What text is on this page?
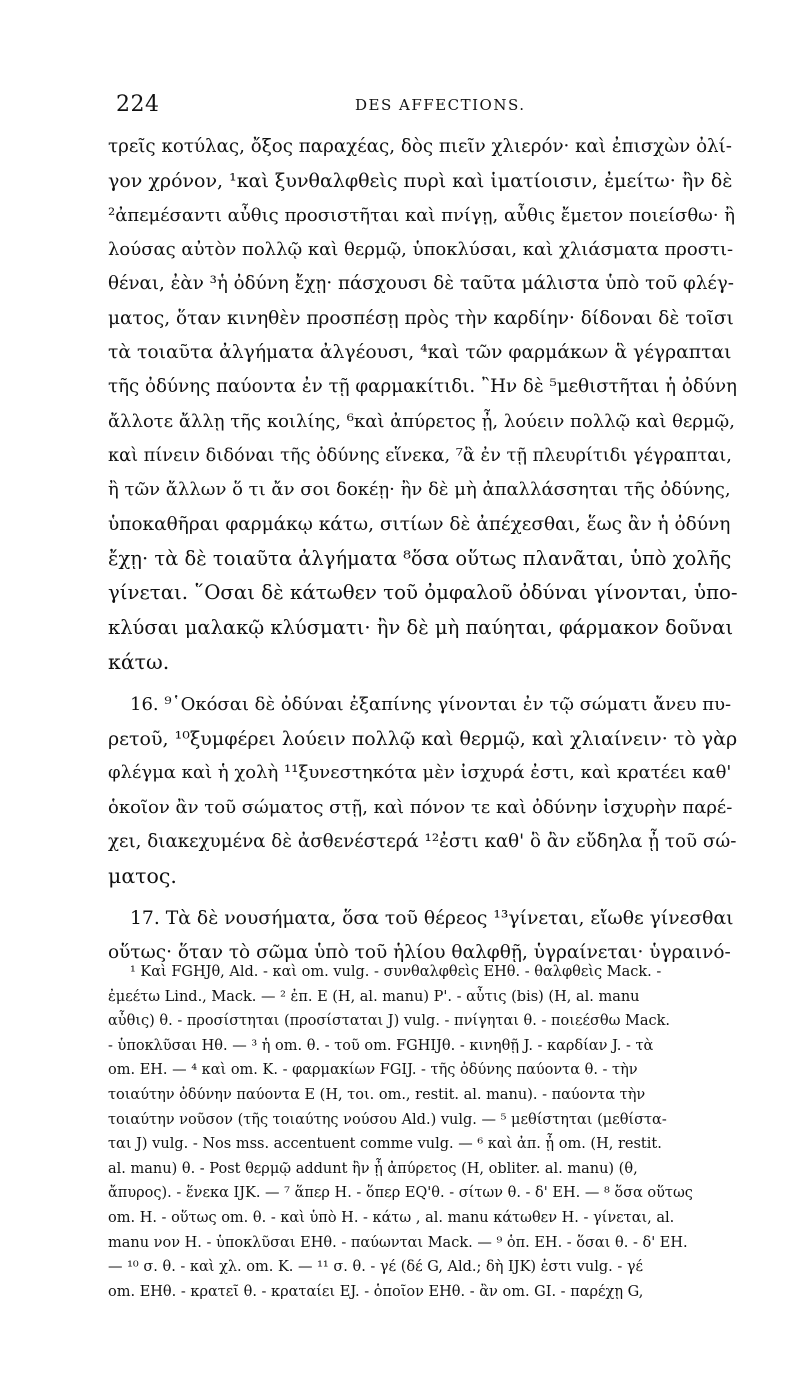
224	DES AFFECTIONS.
τρεῖς κοτύλας, ὄξος παραχέας, δὸς πιεῖν χλιερόν· καὶ ἐπισχὼν ὀλί-
γον χρόνον, ¹καὶ ξυνθαλφθεὶς πυρὶ καὶ ἱματίοισιν, ἐμείτω· ἢν δὲ
²ἀπεμέσαντι αὖθις προσιστῆται καὶ πνίγῃ, αὖθις ἔμετον ποιείσθω· ἢ
λούσας αὐτὸν πολλῷ καὶ θερμῷ, ὑποκλύσαι, καὶ χλιάσματα προστι-
θέναι, ἐὰν ³ἡ ὀδύνη ἔχῃ· πάσχουσι δὲ ταῦτα μάλιστα ὑπὸ τοῦ φλέγ-
ματος, ὅταν κινηθὲν προσπέσῃ πρὸς τὴν καρδίην· δίδοναι δὲ τοῖσι
τὰ τοιαῦτα ἀλγήματα ἀλγέουσι, ⁴καὶ τῶν φαρμάκων ἃ γέγραπται
τῆς ὀδύνης παύοντα ἐν τῇ φαρμακίτιδι. ῍Ην δὲ ⁵μεθιστῆται ἡ ὀδύνη
ἄλλοτε ἄλλῃ τῆς κοιλίης, ⁶καὶ ἀπύρετος ᾖ, λούειν πολλῷ καὶ θερμῷ,
καὶ πίνειν διδόναι τῆς ὀδύνης εἵνεκα, ⁷ἃ ἐν τῇ πλευρίτιδι γέγραπται,
ἢ τῶν ἄλλων ὅ τι ἄν σοι δοκέῃ· ἢν δὲ μὴ ἀπαλλάσσηται τῆς ὀδύνης,
ὑποκαθῆραι φαρμάκῳ κάτω, σιτίων δὲ ἀπέχεσθαι, ἕως ἂν ἡ ὀδύνη
ἔχῃ· τὰ δὲ τοιαῦτα ἀλγήματα ⁸ὅσα οὕτως πλανᾶται, ὑπὸ χολῆς
γίνεται. ῞Οσαι δὲ κάτωθεν τοῦ ὀμφαλοῦ ὀδύναι γίνονται, ὑπο-
κλύσαι μαλακῷ κλύσματι· ἢν δὲ μὴ παύηται, φάρμακον δοῦναι
κάτω.
16. ⁹῾Οκόσαι δὲ ὀδύναι ἐξαπίνης γίνονται ἐν τῷ σώματι ἄνευ πυ-
ρετοῦ, ¹⁰ξυμφέρει λούειν πολλῷ καὶ θερμῷ, καὶ χλιαίνειν· τὸ γὰρ
φλέγμα καὶ ἡ χολὴ ¹¹ξυνεστηκότα μὲν ἰσχυρά ἐστι, καὶ κρατέει καθ'
ὁκοῖον ἂν τοῦ σώματος στῇ, καὶ πόνον τε καὶ ὀδύνην ἰσχυρὴν παρέ-
χει, διακεχυμένα δὲ ἀσθενέστερά ¹²ἐστι καθ' ὃ ἂν εὔδηλα ᾖ τοῦ σώ-
ματος.
17. Τὰ δὲ νουσήματα, ὅσα τοῦ θέρεος ¹³γίνεται, εἴωθε γίνεσθαι
οὕτως· ὅταν τὸ σῶμα ὑπὸ τοῦ ἡλίου θαλφθῇ, ὑγραίνεται· ὑγραινό-
¹ Καὶ FGHJθ, Ald. - καὶ om. vulg. - συνθαλφθεὶς EHθ. - θαλφθεὶς Mack. -
ἐμεέτω Lind., Mack. — ² ἐπ. E (H, al. manu) P'. - αὖτις (bis) (H, al. manu
αὖθις) θ. - προσίστηται (προσίσταται J) vulg. - πνίγηται θ. - ποιεέσθω Mack.
- ὑποκλῦσαι Hθ. — ³ ἡ om. θ. - τοῦ om. FGHIJθ. - κινηθῇ J. - καρδίαν J. - τὰ
om. EH. — ⁴ καὶ om. K. - φαρμακίων FGIJ. - τῆς ὀδύνης παύοντα θ. - τὴν
τοιαύτην ὀδύνην παύοντα E (H, τοι. om., restit. al. manu). - παύοντα τὴν
τοιαύτην νοῦσον (τῆς τοιαύτης νούσου Ald.) vulg. — ⁵ μεθίστηται (μεθίστα-
ται J) vulg. - Nos mss. accentuent comme vulg. — ⁶ καὶ ἀπ. ᾖ om. (H, restit.
al. manu) θ. - Post θερμῷ addunt ἢν ᾖ ἀπύρετος (H, obliter. al. manu) (θ,
ἄπυρος). - ἕνεκα IJK. — ⁷ ἅπερ H. - ὅπερ EQ'θ. - σίτων θ. - δ' EH. — ⁸ ὅσα οὕτως
om. H. - οὕτως om. θ. - καὶ ὑπὸ H. - κάτω , al. manu κάτωθεν H. - γίνεται, al.
manu νον H. - ὑποκλῦσαι EHθ. - παύωνται Mack. — ⁹ ὁπ. EH. - ὅσαι θ. - δ' EH.
— ¹⁰ σ. θ. - καὶ χλ. om. K. — ¹¹ σ. θ. - γέ (δέ G, Ald.; δὴ IJK) ἐστι vulg. - γέ
om. EHθ. - κρατεῖ θ. - κραταίει EJ. - ὁποῖον EHθ. - ἂν om. GI. - παρέχῃ G,
